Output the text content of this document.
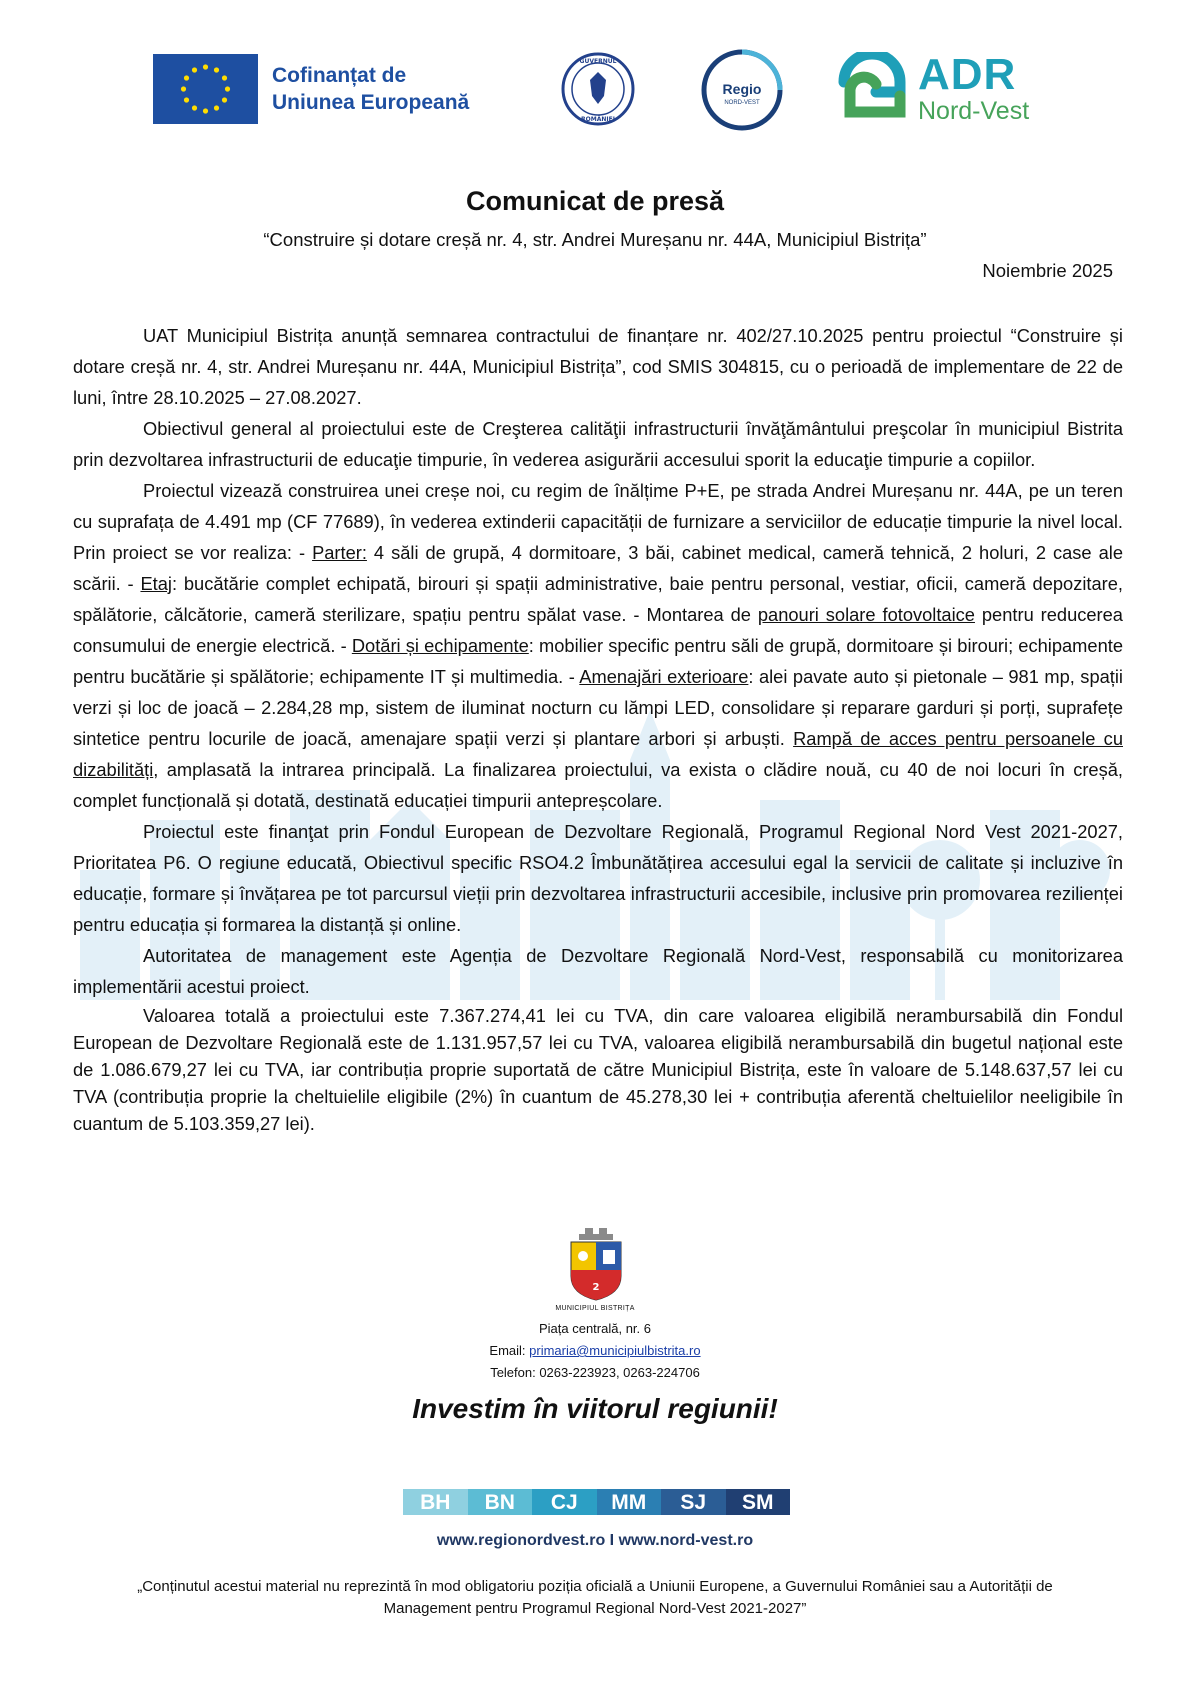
Cofinanțat de
Uniunea Europeană
GUVERNUL
ROMÂNIEI
Regio
NORD-VEST
ADR
Nord-Vest
Comunicat de presă
“Construire și dotare creșă nr. 4, str. Andrei Mureșanu nr. 44A, Municipiul Bistrița”
Noiembrie 2025

UAT Municipiul Bistrița anunță semnarea contractului de finanțare nr. 402/27.10.2025 pentru proiectul “Construire și dotare creșă nr. 4, str. Andrei Mureșanu nr. 44A, Municipiul Bistrița”, cod SMIS 304815, cu o perioadă de implementare de 22 de luni, între 28.10.2025 – 27.08.2027.

Obiectivul general al proiectului este de Creşterea calităţii infrastructurii învăţământului preşcolar în municipiul Bistrita prin dezvoltarea infrastructurii de educaţie timpurie, în vederea asigurării accesului sporit la educaţie timpurie a copiilor.

Proiectul vizează construirea unei creșe noi, cu regim de înălțime P+E, pe strada Andrei Mureșanu nr. 44A, pe un teren cu suprafața de 4.491 mp (CF 77689), în vederea extinderii capacității de furnizare a serviciilor de educație timpurie la nivel local. Prin proiect se vor realiza: - Parter: 4 săli de grupă, 4 dormitoare, 3 băi, cabinet medical, cameră tehnică, 2 holuri, 2 case ale scării. - Etaj: bucătărie complet echipată, birouri și spații administrative, baie pentru personal, vestiar, oficii, cameră depozitare, spălătorie, călcătorie, cameră sterilizare, spațiu pentru spălat vase. - Montarea de panouri solare fotovoltaice pentru reducerea consumului de energie electrică. - Dotări și echipamente: mobilier specific pentru săli de grupă, dormitoare și birouri; echipamente pentru bucătărie și spălătorie; echipamente IT și multimedia. - Amenajări exterioare: alei pavate auto și pietonale – 981 mp, spații verzi și loc de joacă – 2.284,28 mp, sistem de iluminat nocturn cu lămpi LED, consolidare și reparare garduri și porți, suprafețe sintetice pentru locurile de joacă, amenajare spații verzi și plantare arbori și arbuști. Rampă de acces pentru persoanele cu dizabilități, amplasată la intrarea principală. La finalizarea proiectului, va exista o clădire nouă, cu 40 de noi locuri în creșă, complet funcțională și dotată, destinată educației timpurii antepreșcolare.

Proiectul este finanţat prin Fondul European de Dezvoltare Regională, Programul Regional Nord Vest 2021-2027, Prioritatea P6. O regiune educată, Obiectivul specific RSO4.2 Îmbunătățirea accesului egal la servicii de calitate și incluzive în educație, formare și învățarea pe tot parcursul vieții prin dezvoltarea infrastructurii accesibile, inclusive prin promovarea rezilienței pentru educația și formarea la distanță și online.

Autoritatea de management este Agenția de Dezvoltare Regională Nord-Vest, responsabilă cu monitorizarea implementării acestui proiect.

Valoarea totală a proiectului este 7.367.274,41 lei cu TVA, din care valoarea eligibilă nerambursabilă din Fondul European de Dezvoltare Regională este de 1.131.957,57 lei cu TVA, valoarea eligibilă nerambursabilă din bugetul național este de 1.086.679,27 lei cu TVA, iar contribuția proprie suportată de către Municipiul Bistrița, este în valoare de 5.148.637,57 lei cu TVA (contribuția proprie la cheltuielile eligibile (2%) în cuantum de 45.278,30 lei + contribuția aferentă cheltuielilor neeligibile în cuantum de 5.103.359,27 lei).

2
MUNICIPIUL BISTRIȚA
Piața centrală, nr. 6
Email: primaria@municipiulbistrita.ro
Telefon: 0263-223923, 0263-224706
Investim în viitorul regiunii!
BH	BN	CJ	MM	SJ	SM
www.regionordvest.ro I www.nord-vest.ro
„Conținutul acestui material nu reprezintă în mod obligatoriu poziția oficială a Uniunii Europene, a Guvernului României sau a Autorității de Management pentru Programul Regional Nord-Vest 2021-2027”
